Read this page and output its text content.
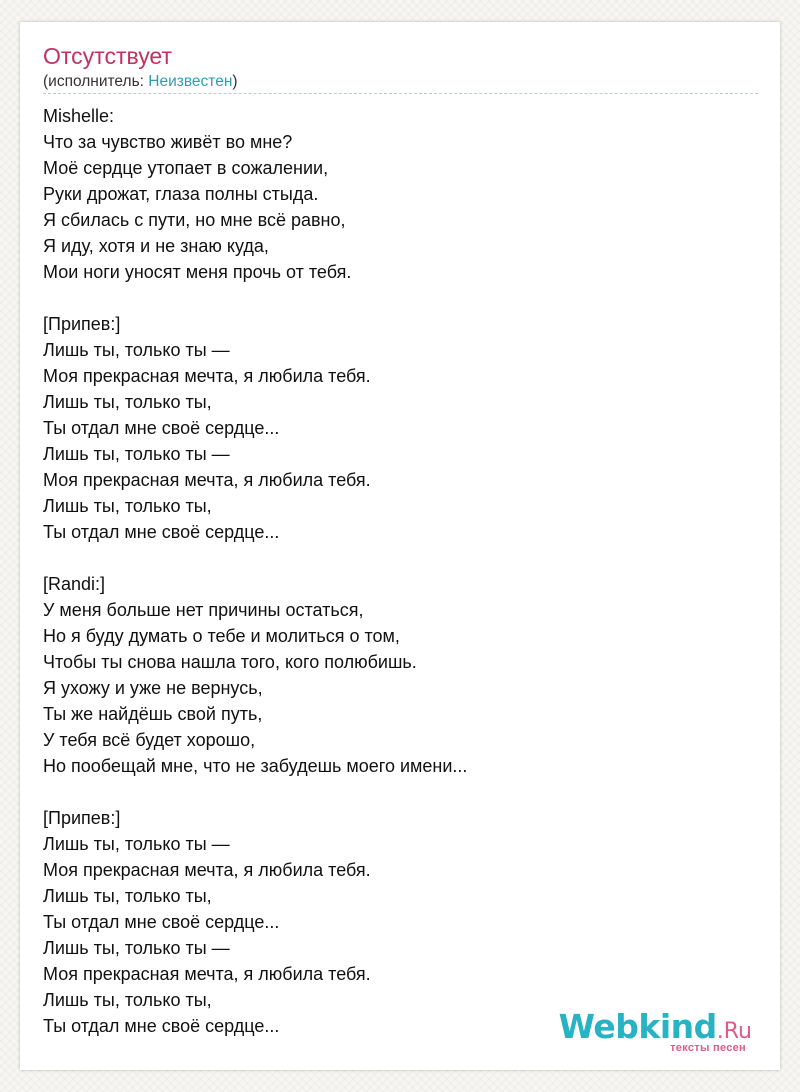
Отсутствует
(исполнитель: Неизвестен)
Mishelle:
Что за чувство живёт во мне?
Моё сердце утопает в сожалении,
Руки дрожат, глаза полны стыда.
Я сбилась с пути, но мне всё равно,
Я иду, хотя и не знаю куда,
Мои ноги уносят меня прочь от тебя.
[Припев:]
Лишь ты, только ты —
Моя прекрасная мечта, я любила тебя.
Лишь ты, только ты,
Ты отдал мне своё сердце...
Лишь ты, только ты —
Моя прекрасная мечта, я любила тебя.
Лишь ты, только ты,
Ты отдал мне своё сердце...
[Randi:]
У меня больше нет причины остаться,
Но я буду думать о тебе и молиться о том,
Чтобы ты снова нашла того, кого полюбишь.
Я ухожу и уже не вернусь,
Ты же найдёшь свой путь,
У тебя всё будет хорошо,
Но пообещай мне, что не забудешь моего имени...
[Припев:]
Лишь ты, только ты —
Моя прекрасная мечта, я любила тебя.
Лишь ты, только ты,
Ты отдал мне своё сердце...
Лишь ты, только ты —
Моя прекрасная мечта, я любила тебя.
Лишь ты, только ты,
Ты отдал мне своё сердце...	Webkind.Ru
тексты песен
